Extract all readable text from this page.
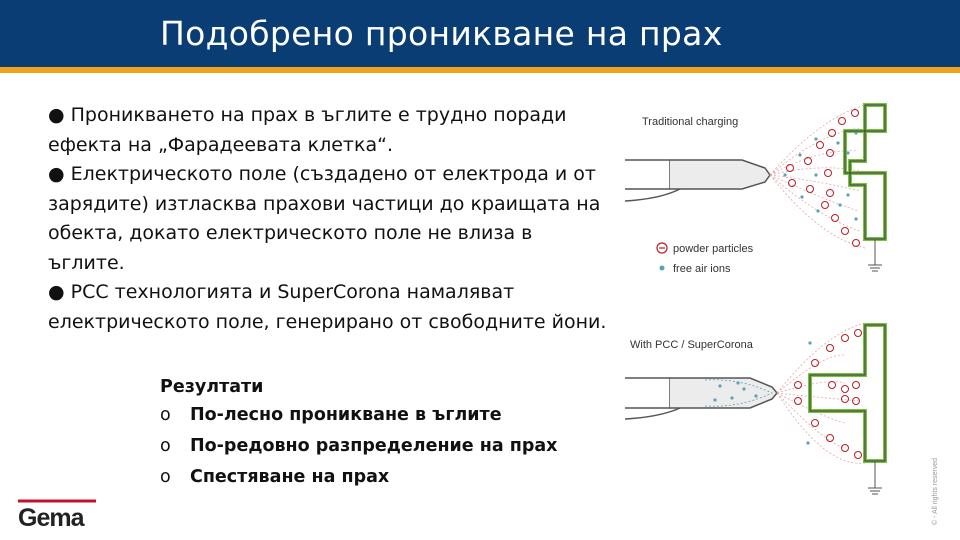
Подобрено проникване на прах

● Проникването на прах в ъглите е трудно поради ефекта на „Фарадеевата клетка“.

● Електрическото поле (създадено от електрода и от зарядите) изтласква прахови частици до краищата на обекта, докато електрическото поле не влиза в ъглите.

● PCC технологията и SuperCorona намаляват електрическото поле, генерирано от свободните йони.

Резултати
o По-лесно проникване в ъглите
o По-редовно разпределение на прах
o Спестяване на прах
Traditional charging
powder particles
free air ions
With PCC / SuperCorona
Gema	© - All rights reserved
